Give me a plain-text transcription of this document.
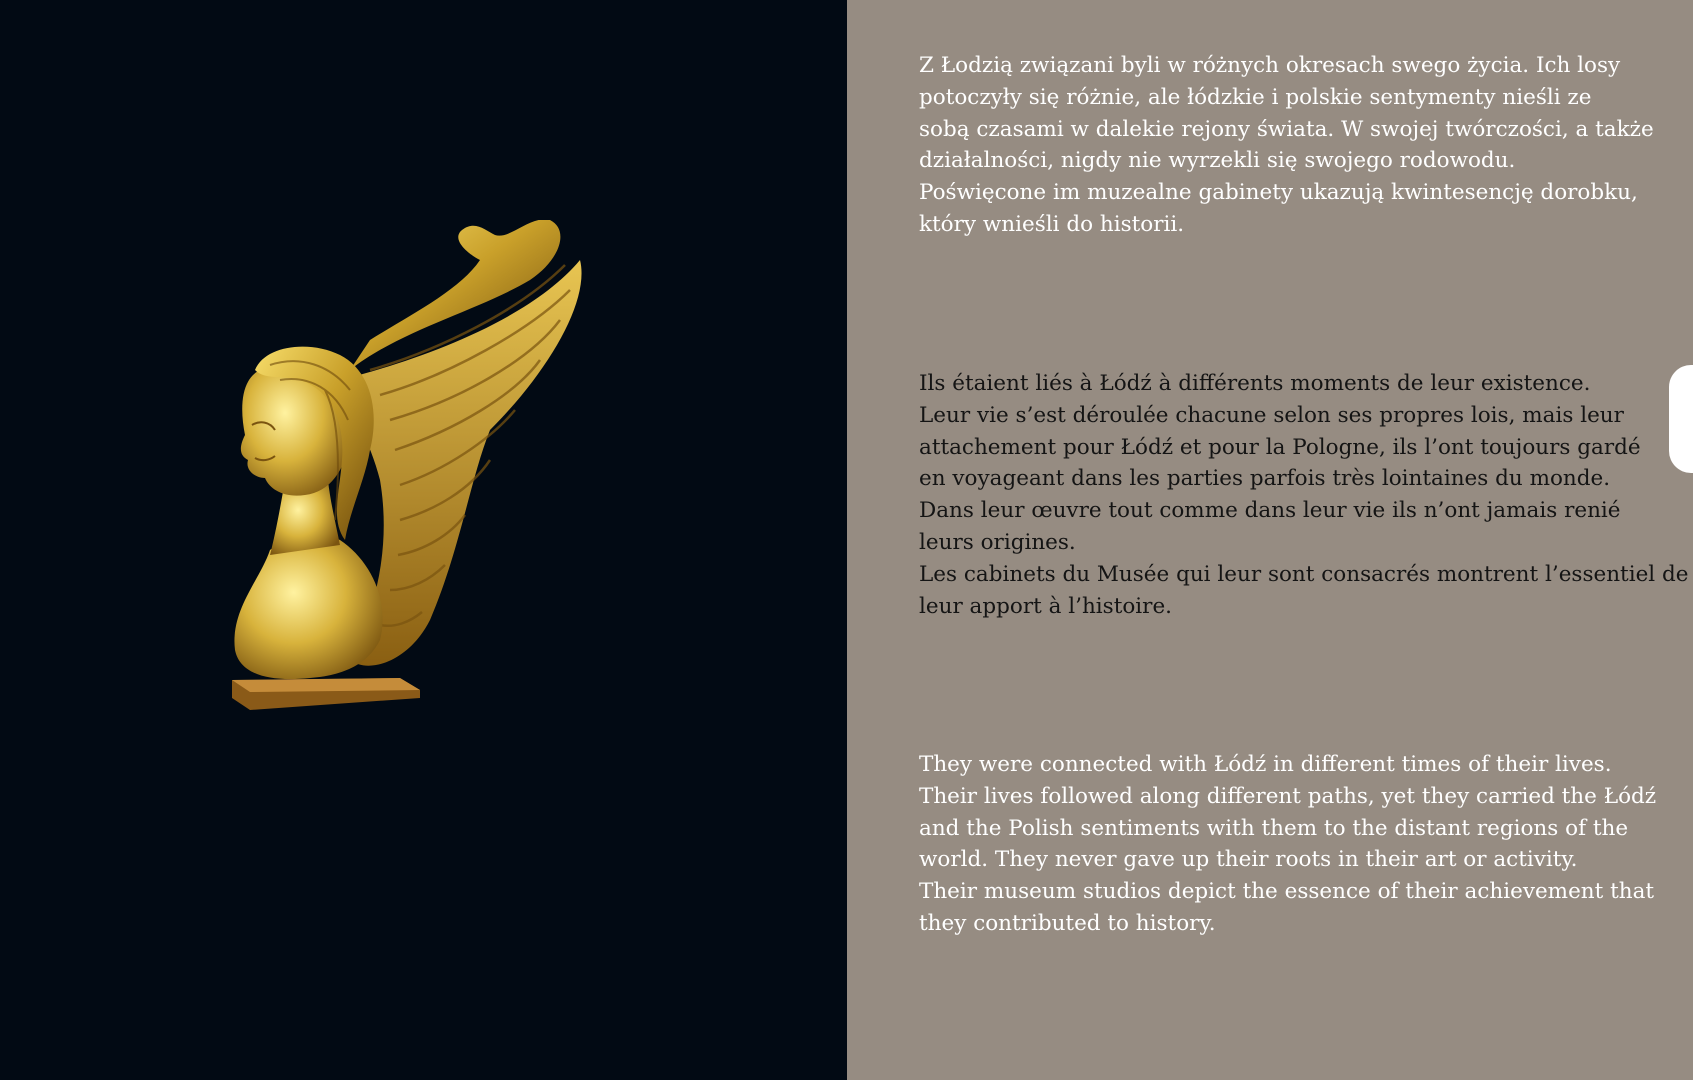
Z Łodzią związani byli w różnych okresach swego życia. Ich losy

potoczyły się różnie, ale łódzkie i polskie sentymenty nieśli ze

sobą czasami w dalekie rejony świata. W swojej twórczości, a także

działalności, nigdy nie wyrzekli się swojego rodowodu.

Poświęcone im muzealne gabinety ukazują kwintesencję dorobku,

który wnieśli do historii.

Ils étaient liés à Łódź à différents moments de leur existence.

Leur vie s’est déroulée chacune selon ses propres lois, mais leur

attachement pour Łódź et pour la Pologne, ils l’ont toujours gardé

en voyageant dans les parties parfois très lointaines du monde.

Dans leur œuvre tout comme dans leur vie ils n’ont jamais renié

leurs origines.

Les cabinets du Musée qui leur sont consacrés montrent l’essentiel de

leur apport à l’histoire.

They were connected with Łódź in different times of their lives.

Their lives followed along different paths, yet they carried the Łódź

and the Polish sentiments with them to the distant regions of the

world. They never gave up their roots in their art or activity.

Their museum studios depict the essence of their achievement that

they contributed to history.
